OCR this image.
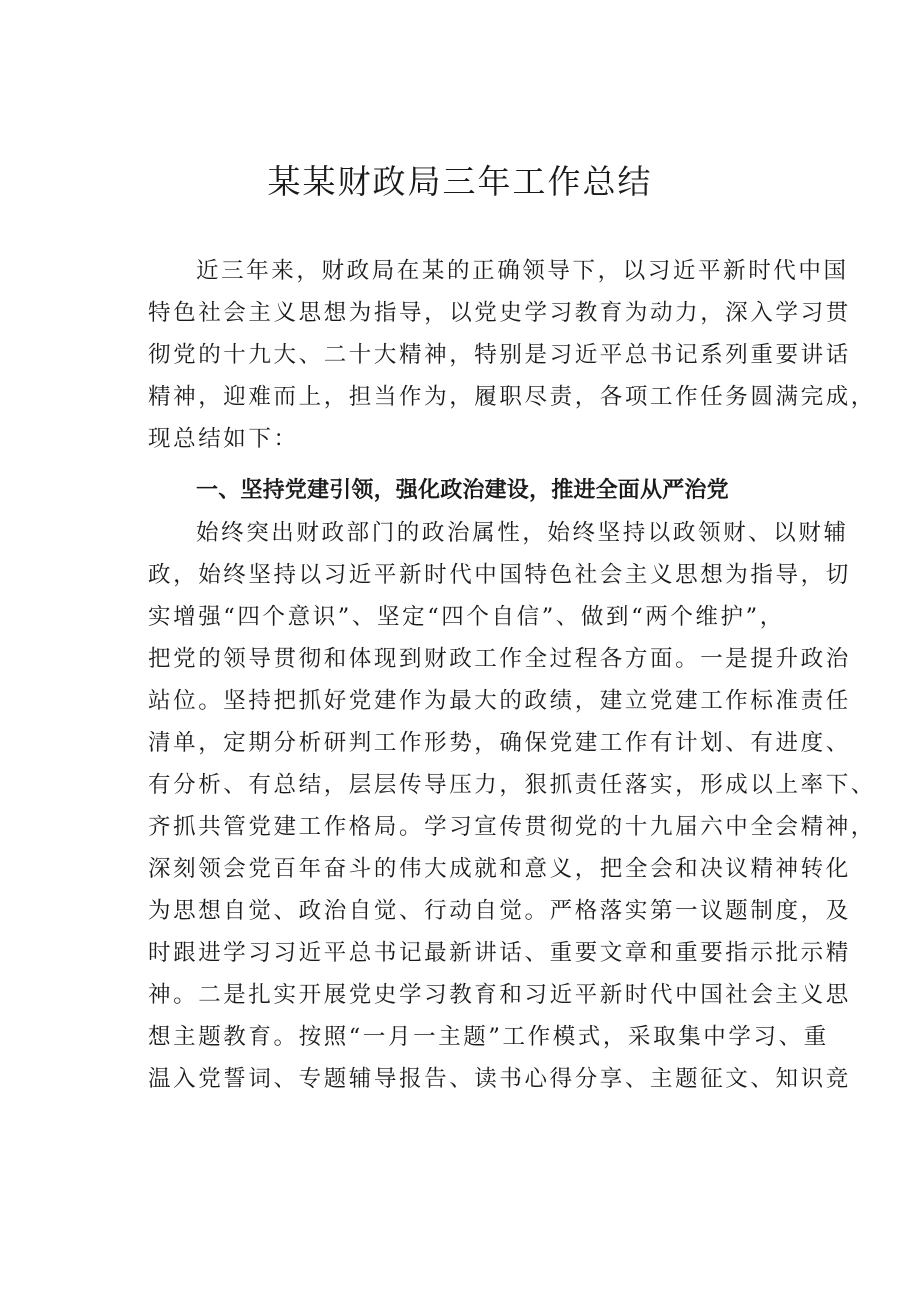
某某财政局三年工作总结

近三年来，财政局在某的正确领导下，以习近平新时代中国

特色社会主义思想为指导，以党史学习教育为动力，深入学习贯

彻党的十九大、二十大精神，特别是习近平总书记系列重要讲话

精神，迎难而上，担当作为，履职尽责，各项工作任务圆满完成，

现总结如下：

一、坚持党建引领，强化政治建设，推进全面从严治党

始终突出财政部门的政治属性，始终坚持以政领财、以财辅

政，始终坚持以习近平新时代中国特色社会主义思想为指导，切

实增强“四个意识”、坚定“四个自信”、做到“两个维护”，

把党的领导贯彻和体现到财政工作全过程各方面。一是提升政治

站位。坚持把抓好党建作为最大的政绩，建立党建工作标准责任

清单，定期分析研判工作形势，确保党建工作有计划、有进度、

有分析、有总结，层层传导压力，狠抓责任落实，形成以上率下、

齐抓共管党建工作格局。学习宣传贯彻党的十九届六中全会精神，

深刻领会党百年奋斗的伟大成就和意义，把全会和决议精神转化

为思想自觉、政治自觉、行动自觉。严格落实第一议题制度，及

时跟进学习习近平总书记最新讲话、重要文章和重要指示批示精

神。二是扎实开展党史学习教育和习近平新时代中国社会主义思

想主题教育。按照“一月一主题”工作模式，采取集中学习、重

温入党誓词、专题辅导报告、读书心得分享、主题征文、知识竞
